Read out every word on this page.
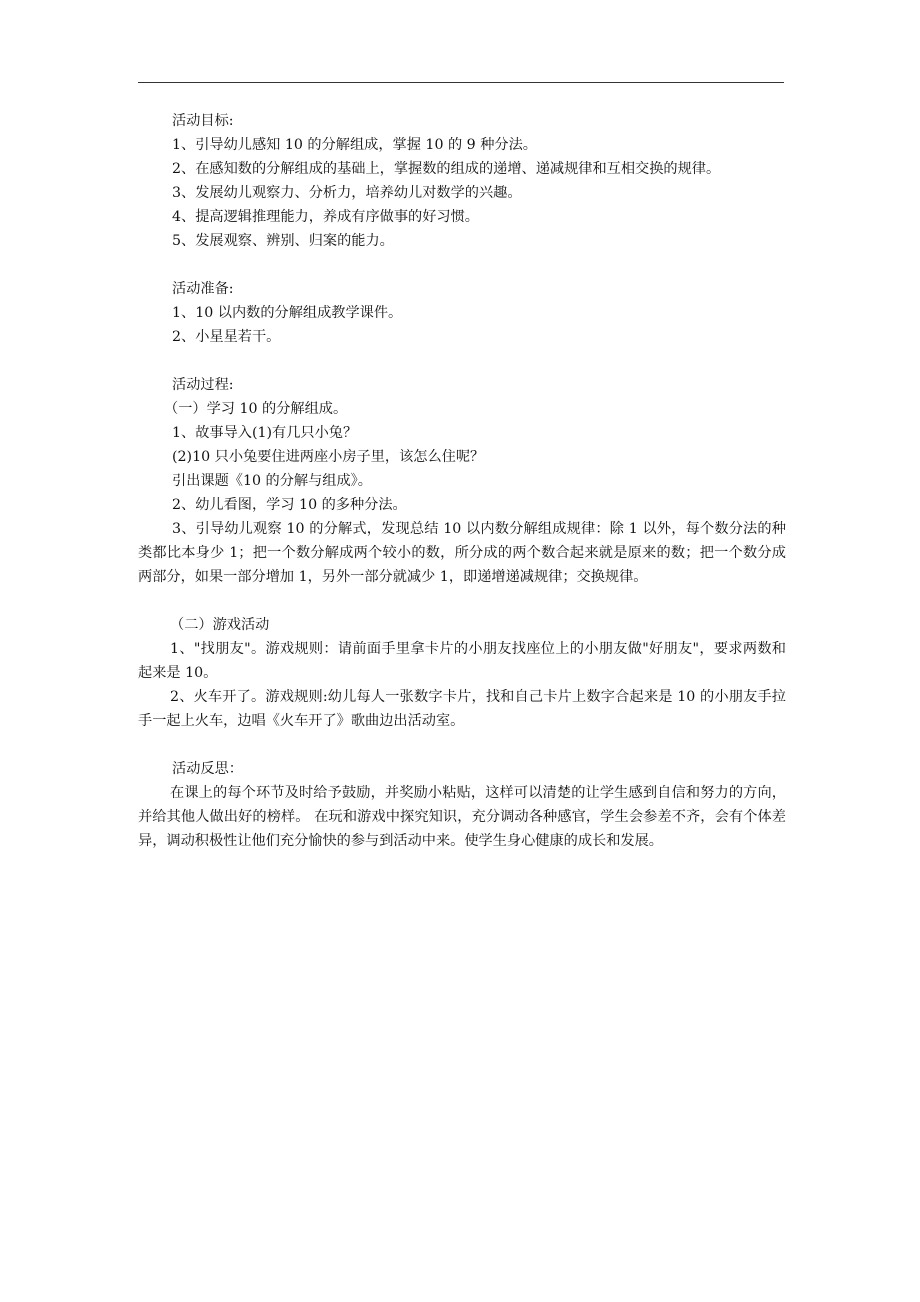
活动目标:

1、引导幼儿感知 10 的分解组成，掌握 10 的 9 种分法。

2、在感知数的分解组成的基础上，掌握数的组成的递增、递减规律和互相交换的规律。

3、发展幼儿观察力、分析力，培养幼儿对数学的兴趣。

4、提高逻辑推理能力，养成有序做事的好习惯。

5、发展观察、辨别、归案的能力。

活动准备:

1、10 以内数的分解组成教学课件。

2、小星星若干。

活动过程:

（一）学习 10 的分解组成。

1、故事导入(1)有几只小兔？

(2)10 只小兔要住进两座小房子里，该怎么住呢？

引出课题《10 的分解与组成》。

2、幼儿看图，学习 10 的多种分法。

3、引导幼儿观察 10 的分解式，发现总结 10 以内数分解组成规律：除 1 以外，每个数分法的种类都比本身少 1；把一个数分解成两个较小的数，所分成的两个数合起来就是原来的数；把一个数分成两部分，如果一部分增加 1，另外一部分就减少 1，即递增递减规律；交换规律。

（二）游戏活动

1、"找朋友"。游戏规则：请前面手里拿卡片的小朋友找座位上的小朋友做"好朋友"，要求两数和起来是 10。

2、火车开了。游戏规则:幼儿每人一张数字卡片，找和自己卡片上数字合起来是 10 的小朋友手拉手一起上火车，边唱《火车开了》歌曲边出活动室。

活动反思：

在课上的每个环节及时给予鼓励，并奖励小粘贴，这样可以清楚的让学生感到自信和努力的方向，并给其他人做出好的榜样。 在玩和游戏中探究知识，充分调动各种感官，学生会参差不齐，会有个体差异，调动积极性让他们充分愉快的参与到活动中来。使学生身心健康的成长和发展。
